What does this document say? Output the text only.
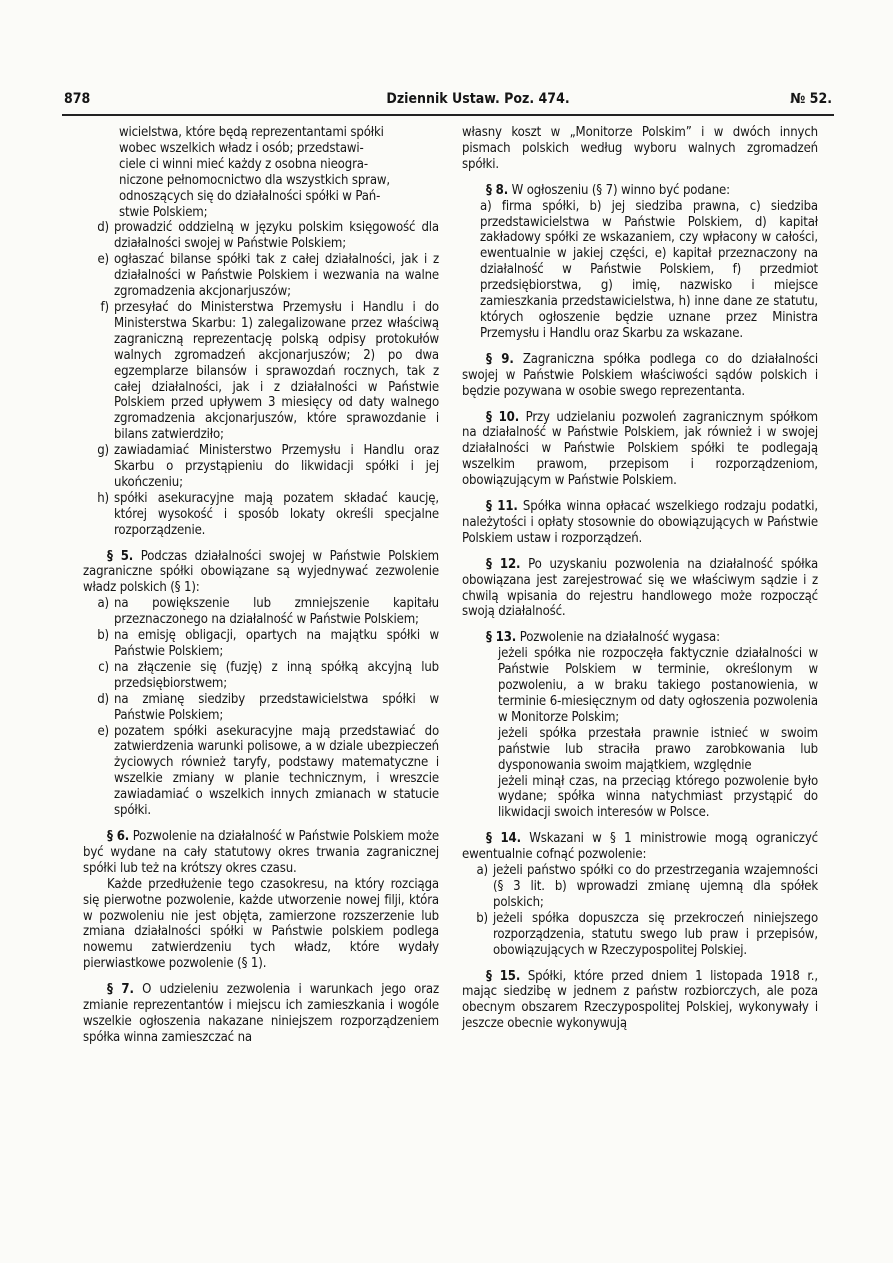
878	Dziennik Ustaw. Poz. 474.	№ 52.
wicielstwa, które będą reprezentantami spółki
wobec wszelkich władz i osób; przedstawi-
ciele ci winni mieć każdy z osobna nieogra-
niczone pełnomocnictwo dla wszystkich spraw,
odnoszących się do działalności spółki w Pań-
stwie Polskiem;
d) prowadzić oddzielną w języku polskim księgowość dla działalności swojej w Państwie Polskiem;
e) ogłaszać bilanse spółki tak z całej działalności, jak i z działalności w Państwie Polskiem i wezwania na walne zgromadzenia akcjonarjuszów;
f) przesyłać do Ministerstwa Przemysłu i Handlu i do Ministerstwa Skarbu: 1) zalegalizowane przez właściwą zagraniczną reprezentację polską odpisy protokułów walnych zgromadzeń akcjonarjuszów; 2) po dwa egzemplarze bilansów i sprawozdań rocznych, tak z całej działalności, jak i z działalności w Państwie Polskiem przed upływem 3 miesięcy od daty walnego zgromadzenia akcjonarjuszów, które sprawozdanie i bilans zatwierdziło;
g) zawiadamiać Ministerstwo Przemysłu i Handlu oraz Skarbu o przystąpieniu do likwidacji spółki i jej ukończeniu;
h) spółki asekuracyjne mają pozatem składać kaucję, której wysokość i sposób lokaty określi specjalne rozporządzenie.

§ 5. Podczas działalności swojej w Państwie Polskiem zagraniczne spółki obowiązane są wyjednywać zezwolenie władz polskich (§ 1):

a) na powiększenie lub zmniejszenie kapitału przeznaczonego na działalność w Państwie Polskiem;
b) na emisję obligacji, opartych na majątku spółki w Państwie Polskiem;
c) na złączenie się (fuzję) z inną spółką akcyjną lub przedsiębiorstwem;
d) na zmianę siedziby przedstawicielstwa spółki w Państwie Polskiem;
e) pozatem spółki asekuracyjne mają przedstawiać do zatwierdzenia warunki polisowe, a w dziale ubezpieczeń życiowych również taryfy, podstawy matematyczne i wszelkie zmiany w planie technicznym, i wreszcie zawiadamiać o wszelkich innych zmianach w statucie spółki.

§ 6. Pozwolenie na działalność w Państwie Polskiem może być wydane na cały statutowy okres trwania zagranicznej spółki lub też na krótszy okres czasu.

Każde przedłużenie tego czasokresu, na który rozciąga się pierwotne pozwolenie, każde utworzenie nowej filji, która w pozwoleniu nie jest objęta, zamierzone rozszerzenie lub zmiana działalności spółki w Państwie polskiem podlega nowemu zatwierdzeniu tych władz, które wydały pierwiastkowe pozwolenie (§ 1).

§ 7. O udzieleniu zezwolenia i warunkach jego oraz zmianie reprezentantów i miejscu ich zamieszkania i wogóle wszelkie ogłoszenia nakazane niniejszem rozporządzeniem spółka winna zamieszczać na

własny koszt w „Monitorze Polskim” i w dwóch innych pismach polskich według wyboru walnych zgromadzeń spółki.

§ 8. W ogłoszeniu (§ 7) winno być podane:

a) firma spółki, b) jej siedziba prawna, c) siedziba przedstawicielstwa w Państwie Polskiem, d) kapitał zakładowy spółki ze wskazaniem, czy wpłacony w całości, ewentualnie w jakiej części, e) kapitał przeznaczony na działalność w Państwie Polskiem, f) przedmiot przedsiębiorstwa, g) imię, nazwisko i miejsce zamieszkania przedstawicielstwa, h) inne dane ze statutu, których ogłoszenie będzie uznane przez Ministra Przemysłu i Handlu oraz Skarbu za wskazane.

§ 9. Zagraniczna spółka podlega co do działalności swojej w Państwie Polskiem właściwości sądów polskich i będzie pozywana w osobie swego reprezentanta.

§ 10. Przy udzielaniu pozwoleń zagranicznym spółkom na działalność w Państwie Polskiem, jak również i w swojej działalności w Państwie Polskiem spółki te podlegają wszelkim prawom, przepisom i rozporządzeniom, obowiązującym w Państwie Polskiem.

§ 11. Spółka winna opłacać wszelkiego rodzaju podatki, należytości i opłaty stosownie do obowiązujących w Państwie Polskiem ustaw i rozporządzeń.

§ 12. Po uzyskaniu pozwolenia na działalność spółka obowiązana jest zarejestrować się we właściwym sądzie i z chwilą wpisania do rejestru handlowego może rozpocząć swoją działalność.

§ 13. Pozwolenie na działalność wygasa:

jeżeli spółka nie rozpoczęła faktycznie działalności w Państwie Polskiem w terminie, określonym w pozwoleniu, a w braku takiego postanowienia, w terminie 6-miesięcznym od daty ogłoszenia pozwolenia w Monitorze Polskim;

jeżeli spółka przestała prawnie istnieć w swoim państwie lub straciła prawo zarobkowania lub dysponowania swoim majątkiem, względnie

jeżeli minął czas, na przeciąg którego pozwolenie było wydane; spółka winna natychmiast przystąpić do likwidacji swoich interesów w Polsce.

§ 14. Wskazani w § 1 ministrowie mogą ograniczyć ewentualnie cofnąć pozwolenie:

a) jeżeli państwo spółki co do przestrzegania wzajemności (§ 3 lit. b) wprowadzi zmianę ujemną dla spółek polskich;
b) jeżeli spółka dopuszcza się przekroczeń niniejszego rozporządzenia, statutu swego lub praw i przepisów, obowiązujących w Rzeczypospolitej Polskiej.

§ 15. Spółki, które przed dniem 1 listopada 1918 r., mając siedzibę w jednem z państw rozbiorczych, ale poza obecnym obszarem Rzeczypospolitej Polskiej, wykonywały i jeszcze obecnie wykonywują
